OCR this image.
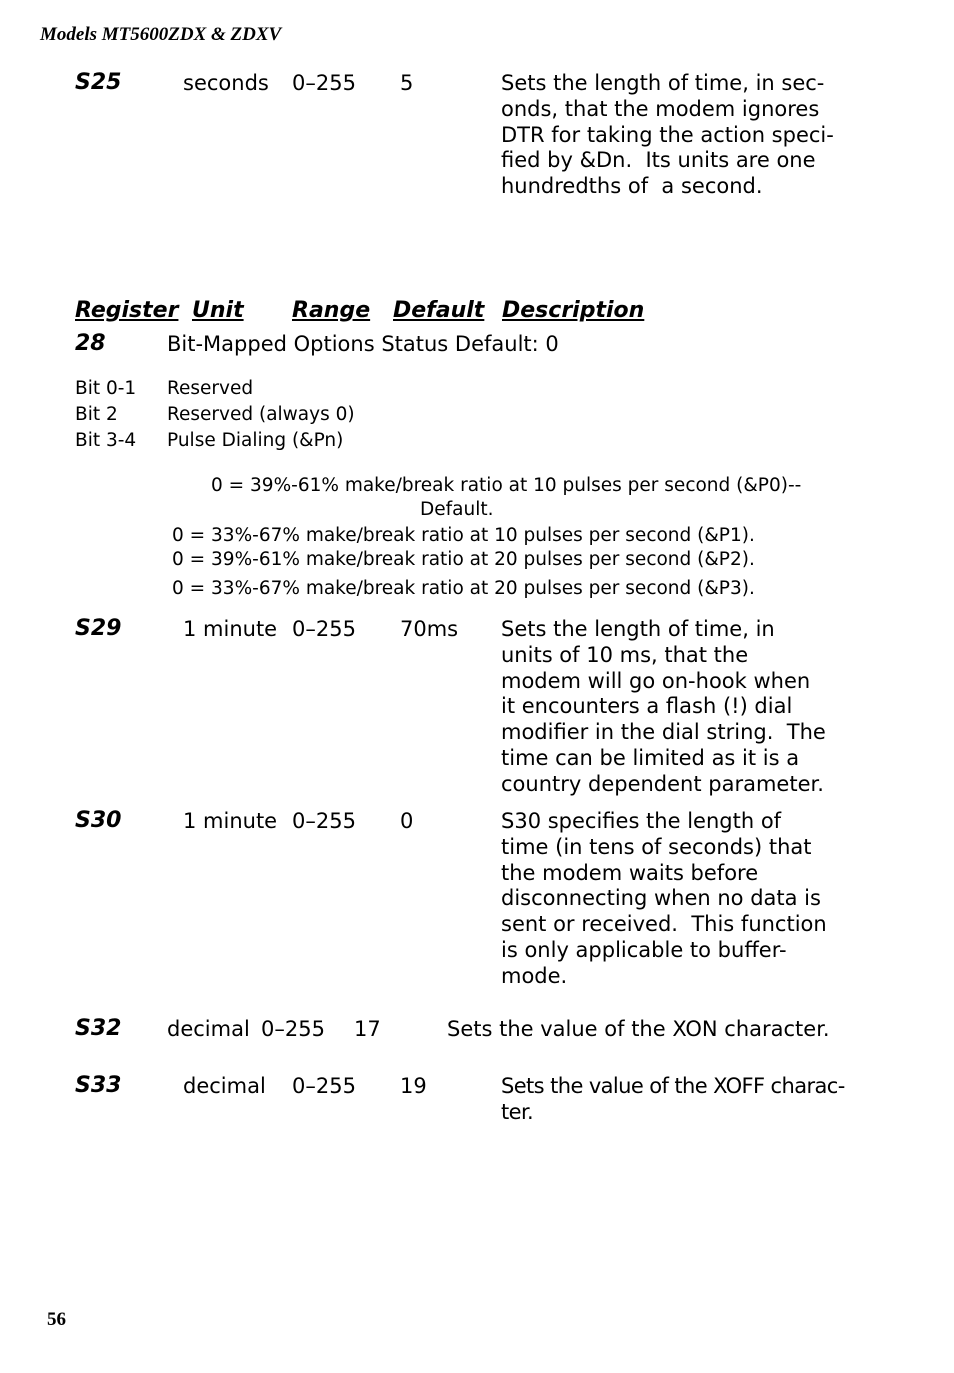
Models MT5600ZDX & ZDXV
S25	seconds 0–255 5	Sets the length of time, in sec-
onds, that the modem ignores
DTR for taking the action speci-
fied by &Dn.  Its units are one
hundredths of  a second.
Register Unit Range Default Description
28	Bit-Mapped Options Status Default: 0
Bit 0-1 Reserved
Bit 2	Reserved (always 0)
Bit 3-4 Pulse Dialing (&Pn)
0 = 39%-61% make/break ratio at 10 pulses per second (&P0)--
Default.
0 = 33%-67% make/break ratio at 10 pulses per second (&P1).
0 = 39%-61% make/break ratio at 20 pulses per second (&P2).
0 = 33%-67% make/break ratio at 20 pulses per second (&P3).
S29	1 minute 0–255 70ms Sets the length of time, in
units of 10 ms, that the
modem will go on-hook when
it encounters a flash (!) dial
modifier in the dial string.  The
time can be limited as it is a
country dependent parameter.
S30	1 minute 0–255 0	S30 specifies the length of
time (in tens of seconds) that
the modem waits before
disconnecting when no data is
sent or received.  This function
is only applicable to buffer-
mode.
S32 decimal 0–255 17	Sets the value of the XON character.
S33	decimal 0–255 19	Sets the value of the XOFF charac-
ter.
56
